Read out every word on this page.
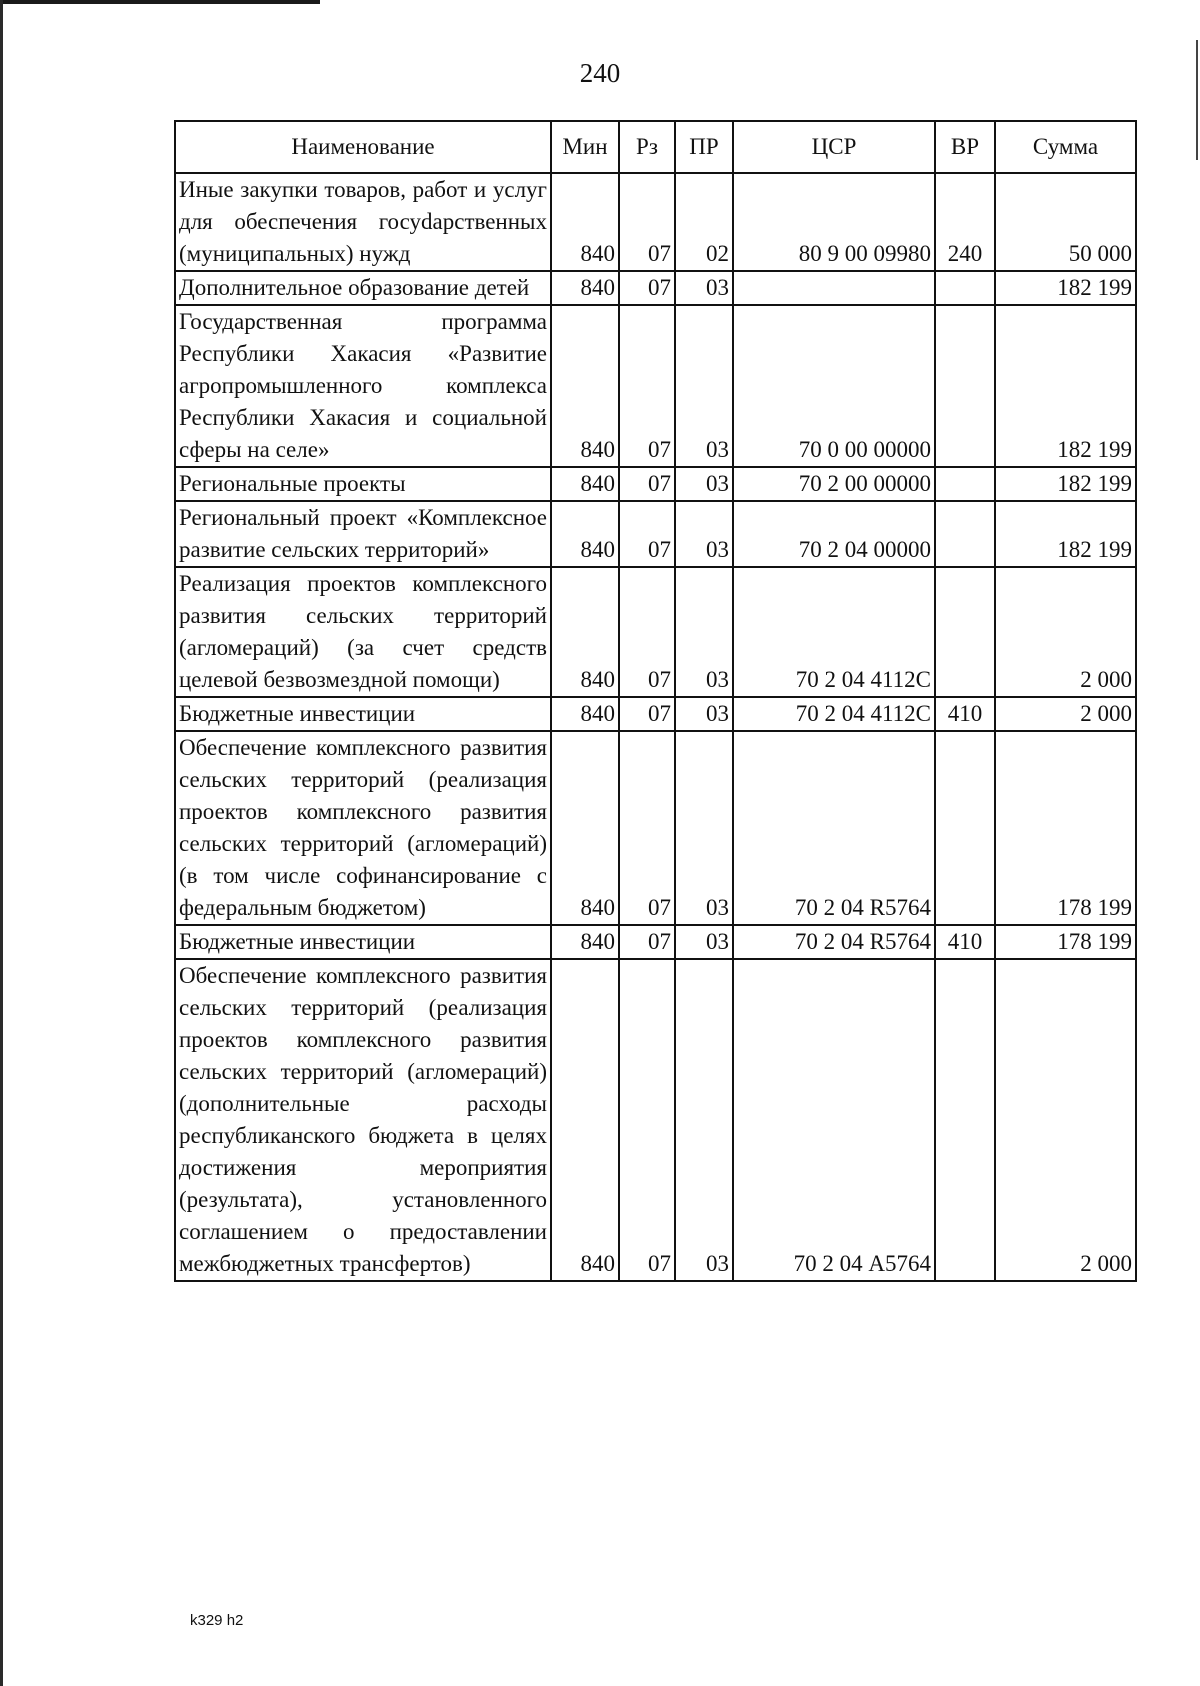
240
Наименование	Мин	Рз	ПР	ЦСР	ВР	Сумма
Иные закупки товаров, работ и услуг для обеспечения госуdарственных (муниципальных) нужд	840	07	02	80 9 00 09980	240	50 000
Дополнительное образование детей	840	07	03			182 199
Государственная программа Республики Хакасия «Развитие агропромышленного комплекса Республики Хакасия и социальной сферы на селе»	840	07	03	70 0 00 00000		182 199
Региональные проекты	840	07	03	70 2 00 00000		182 199
Региональный проект «Комплексное развитие сельских территорий»	840	07	03	70 2 04 00000		182 199
Реализация проектов комплексного развития сельских территорий (агломераций) (за счет средств целевой безвозмездной помощи)	840	07	03	70 2 04 4112С		2 000
Бюджетные инвестиции	840	07	03	70 2 04 4112С	410	2 000
Обеспечение комплексного развития сельских территорий (реализация проектов комплексного развития сельских территорий (агломераций) (в том числе софинансирование с федеральным бюджетом)	840	07	03	70 2 04 R5764		178 199
Бюджетные инвестиции	840	07	03	70 2 04 R5764	410	178 199
Обеспечение комплексного развития сельских территорий (реализация проектов комплексного развития сельских территорий (агломераций) (дополнительные расходы республиканского бюджета в целях достижения мероприятия (результата), установленного соглашением о предоставлении межбюджетных трансфертов)	840	07	03	70 2 04 А5764		2 000
k329 h2
